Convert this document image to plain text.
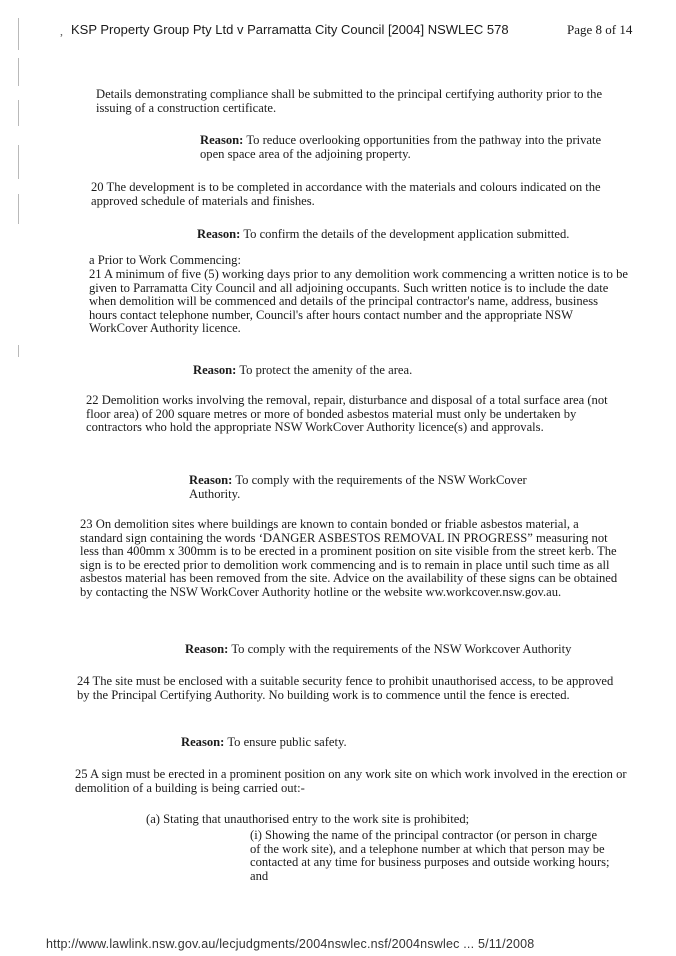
, KSP Property Group Pty Ltd v Parramatta City Council [2004] NSWLEC 578	Page 8 of 14

Details demonstrating compliance shall be submitted to the principal certifying authority prior to the issuing of a construction certificate.

Reason: To reduce overlooking opportunities from the pathway into the private open space area of the adjoining property.

20 The development is to be completed in accordance with the materials and colours indicated on the approved schedule of materials and finishes.

Reason: To confirm the details of the development application submitted.

a Prior to Work Commencing:

21 A minimum of five (5) working days prior to any demolition work commencing a written notice is to be given to Parramatta City Council and all adjoining occupants. Such written notice is to include the date when demolition will be commenced and details of the principal contractor's name, address, business hours contact telephone number, Council's after hours contact number and the appropriate NSW WorkCover Authority licence.

Reason: To protect the amenity of the area.

22 Demolition works involving the removal, repair, disturbance and disposal of a total surface area (not floor area) of 200 square metres or more of bonded asbestos material must only be undertaken by contractors who hold the appropriate NSW WorkCover Authority licence(s) and approvals.

Reason: To comply with the requirements of the NSW WorkCover Authority.

23 On demolition sites where buildings are known to contain bonded or friable asbestos material, a standard sign containing the words ‘DANGER ASBESTOS REMOVAL IN PROGRESS” measuring not less than 400mm x 300mm is to be erected in a prominent position on site visible from the street kerb. The sign is to be erected prior to demolition work commencing and is to remain in place until such time as all asbestos material has been removed from the site. Advice on the availability of these signs can be obtained by contacting the NSW WorkCover Authority hotline or the website ww.workcover.nsw.gov.au.

Reason: To comply with the requirements of the NSW Workcover Authority

24 The site must be enclosed with a suitable security fence to prohibit unauthorised access, to be approved by the Principal Certifying Authority. No building work is to commence until the fence is erected.

Reason: To ensure public safety.

25 A sign must be erected in a prominent position on any work site on which work involved in the erection or demolition of a building is being carried out:-

(a) Stating that unauthorised entry to the work site is prohibited;

(i) Showing the name of the principal contractor (or person in charge of the work site), and a telephone number at which that person may be contacted at any time for business purposes and outside working hours; and

http://www.lawlink.nsw.gov.au/lecjudgments/2004nswlec.nsf/2004nswlec ... 5/11/2008
